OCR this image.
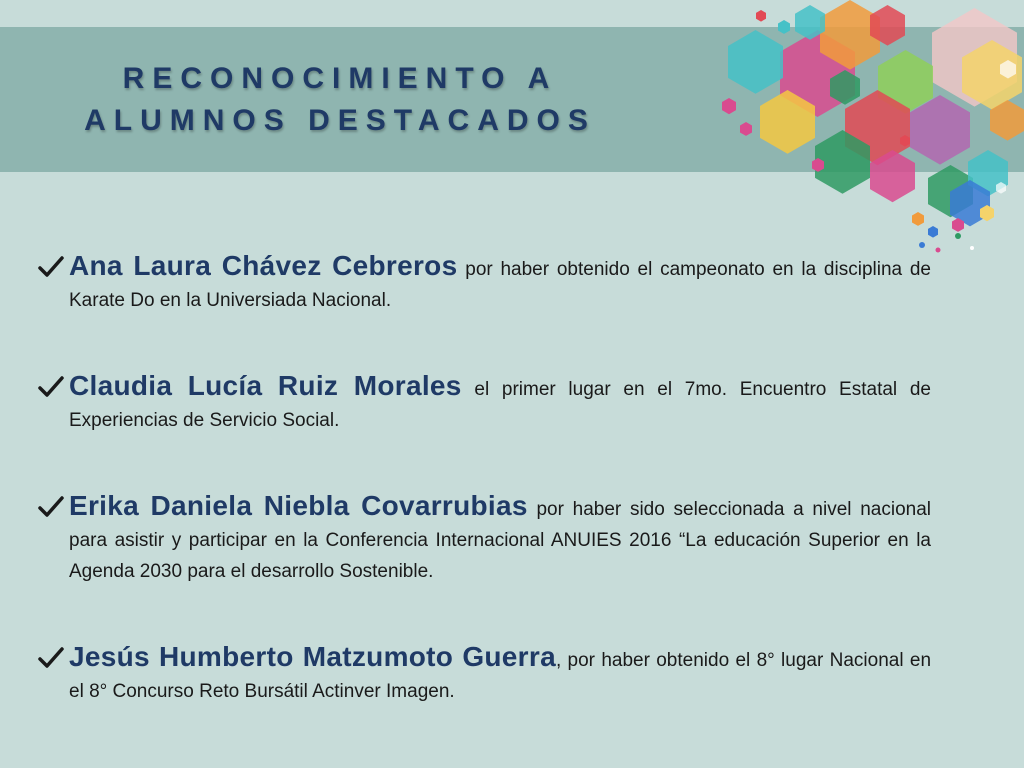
RECONOCIMIENTO A
ALUMNOS DESTACADOS
Ana Laura Chávez Cebreros por haber obtenido el campeonato en la disciplina de Karate Do en la Universiada Nacional.
Claudia Lucía Ruiz Morales el primer lugar en el 7mo. Encuentro Estatal de Experiencias de Servicio Social.
Erika Daniela Niebla Covarrubias por haber sido seleccionada a nivel nacional para asistir y participar en la Conferencia Internacional ANUIES 2016 “La educación Superior en la Agenda 2030 para el desarrollo Sostenible.
Jesús Humberto Matzumoto Guerra, por haber obtenido el 8° lugar Nacional en el 8° Concurso Reto Bursátil Actinver Imagen.
